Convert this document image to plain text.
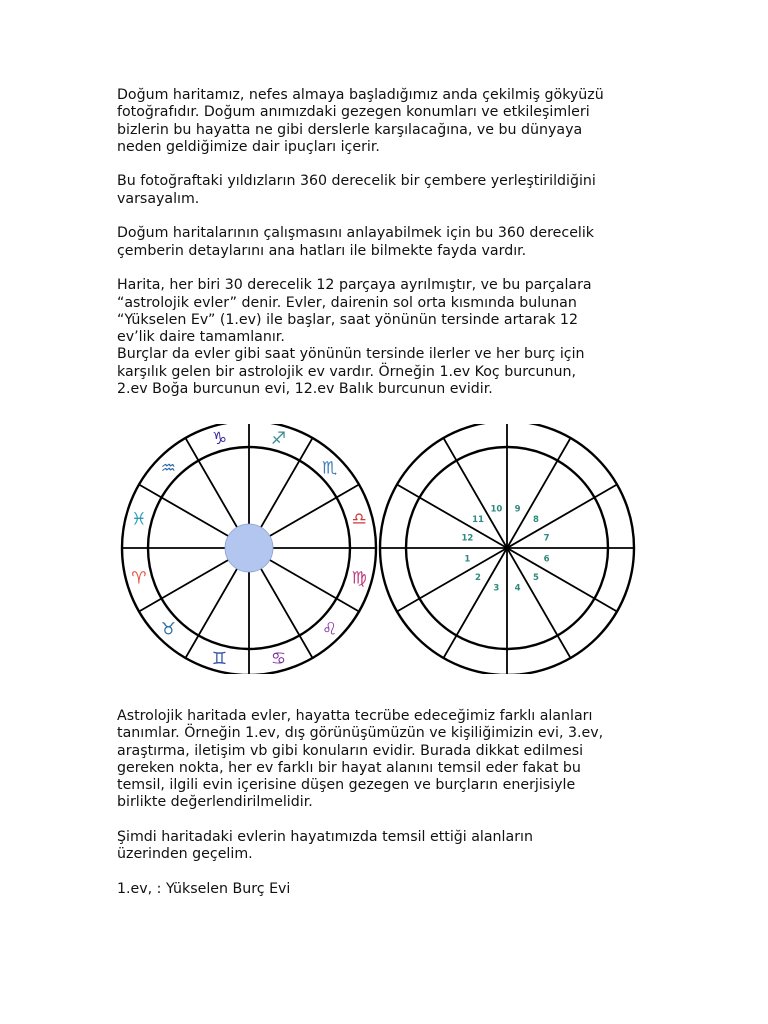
Doğum haritamız, nefes almaya başladığımız anda çekilmiş gökyüzü
fotoğrafıdır. Doğum anımızdaki gezegen konumları ve etkileşimleri
bizlerin bu hayatta ne gibi derslerle karşılacağına, ve bu dünyaya
neden geldiğimize dair ipuçları içerir.
Bu fotoğraftaki yıldızların 360 derecelik bir çembere yerleştirildiğini
varsayalım.
Doğum haritalarının çalışmasını anlayabilmek için bu 360 derecelik
çemberin detaylarını ana hatları ile bilmekte fayda vardır.
Harita, her biri 30 derecelik 12 parçaya ayrılmıştır, ve bu parçalara
“astrolojik evler” denir. Evler, dairenin sol orta kısmında bulunan
“Yükselen Ev” (1.ev) ile başlar, saat yönünün tersinde artarak 12
ev’lik daire tamamlanır.
Burçlar da evler gibi saat yönünün tersinde ilerler ve her burç için
karşılık gelen bir astrolojik ev vardır. Örneğin 1.ev Koç burcunun,
2.ev Boğa burcunun evi, 12.ev Balık burcunun evidir.
♈
♉
♊	♋
♌
♍
♎
♏
♐
♑
♒
♓
1
2
3 4
5
6
7
8
9
10
11
12
Astrolojik haritada evler, hayatta tecrübe edeceğimiz farklı alanları
tanımlar. Örneğin 1.ev, dış görünüşümüzün ve kişiliğimizin evi, 3.ev,
araştırma, iletişim vb gibi konuların evidir. Burada dikkat edilmesi
gereken nokta, her ev farklı bir hayat alanını temsil eder fakat bu
temsil, ilgili evin içerisine düşen gezegen ve burçların enerjisiyle
birlikte değerlendirilmelidir.
Şimdi haritadaki evlerin hayatımızda temsil ettiği alanların
üzerinden geçelim.
1.ev, : Yükselen Burç Evi
